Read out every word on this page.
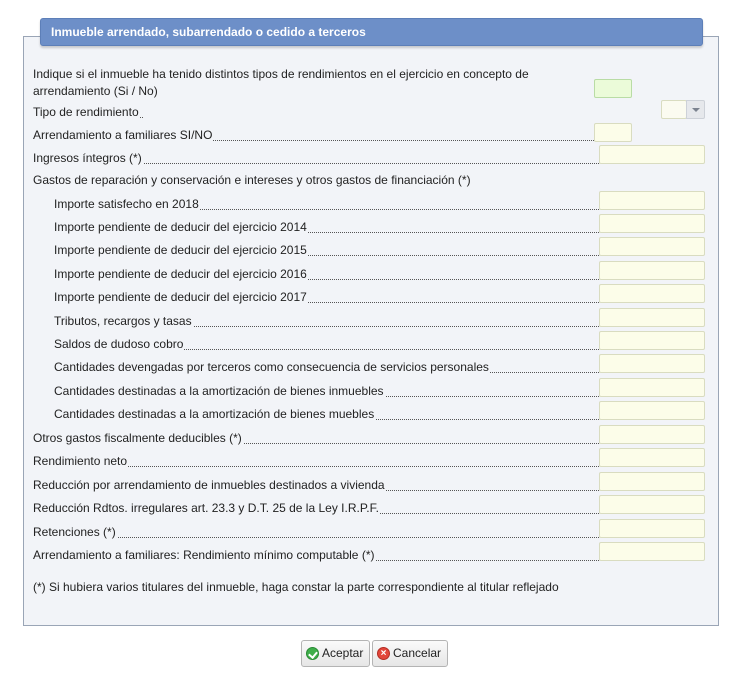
Inmueble arrendado, subarrendado o cedido a terceros
Indique si el inmueble ha tenido distintos tipos de rendimientos en el ejercicio en concepto de
arrendamiento (Si / No)
Tipo de rendimiento
Arrendamiento a familiares SI/NO
Ingresos íntegros (*)
Gastos de reparación y conservación e intereses y otros gastos de financiación (*)
Importe satisfecho en 2018
Importe pendiente de deducir del ejercicio 2014
Importe pendiente de deducir del ejercicio 2015
Importe pendiente de deducir del ejercicio 2016
Importe pendiente de deducir del ejercicio 2017
Tributos, recargos y tasas
Saldos de dudoso cobro
Cantidades devengadas por terceros como consecuencia de servicios personales
Cantidades destinadas a la amortización de bienes inmuebles
Cantidades destinadas a la amortización de bienes muebles
Otros gastos fiscalmente deducibles (*)
Rendimiento neto
Reducción por arrendamiento de inmuebles destinados a vivienda
Reducción Rdtos. irregulares art. 23.3 y D.T. 25 de la Ley I.R.P.F.
Retenciones (*)
Arrendamiento a familiares: Rendimiento mínimo computable (*)
(*) Si hubiera varios titulares del inmueble, haga constar la parte correspondiente al titular reflejado
Aceptar	× Cancelar
